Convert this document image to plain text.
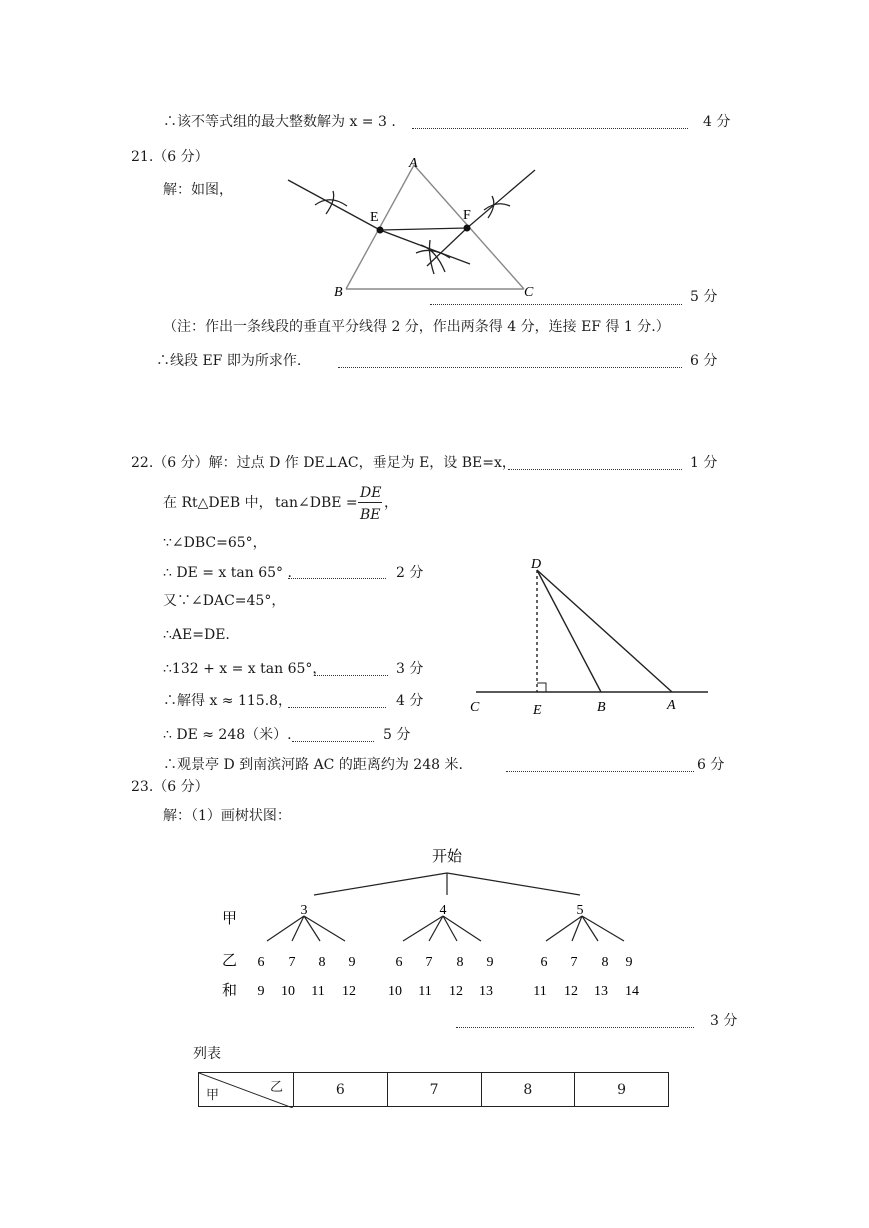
∴该不等式组的最大整数解为 x = 3 .	4 分
21.（6 分）
解：如图，
A
B	C
E	F
5 分
（注：作出一条线段的垂直平分线得 2 分，作出两条得 4 分，连接 EF 得 1 分.）
∴线段 EF 即为所求作.	6 分
22.（6 分）解：过点 D 作 DE⊥AC，垂足为 E，设 BE=x，	1 分
在 Rt△DEB 中， tan∠DBE =
DE
BE
，
∵∠DBC=65°，
∴ DE = x tan 65° .	2 分
又∵∠DAC=45°，
∴AE=DE.
∴132 + x = x tan 65°，	3 分
∴解得 x ≈ 115.8，	4 分
∴ DE ≈ 248（米）.	5 分
∴观景亭 D 到南滨河路 AC 的距离约为 248 米.	6 分
D
C	E	B	A
23.（6 分）
解：（1）画树状图：
开始
甲
乙
和
3	4	5
6 7 8 9	6 7 8 9	6 7 8 9
9 10 11 12 10 11 12 13	11 12 13 14
3 分
列表
乙
甲	6	7	8	9
